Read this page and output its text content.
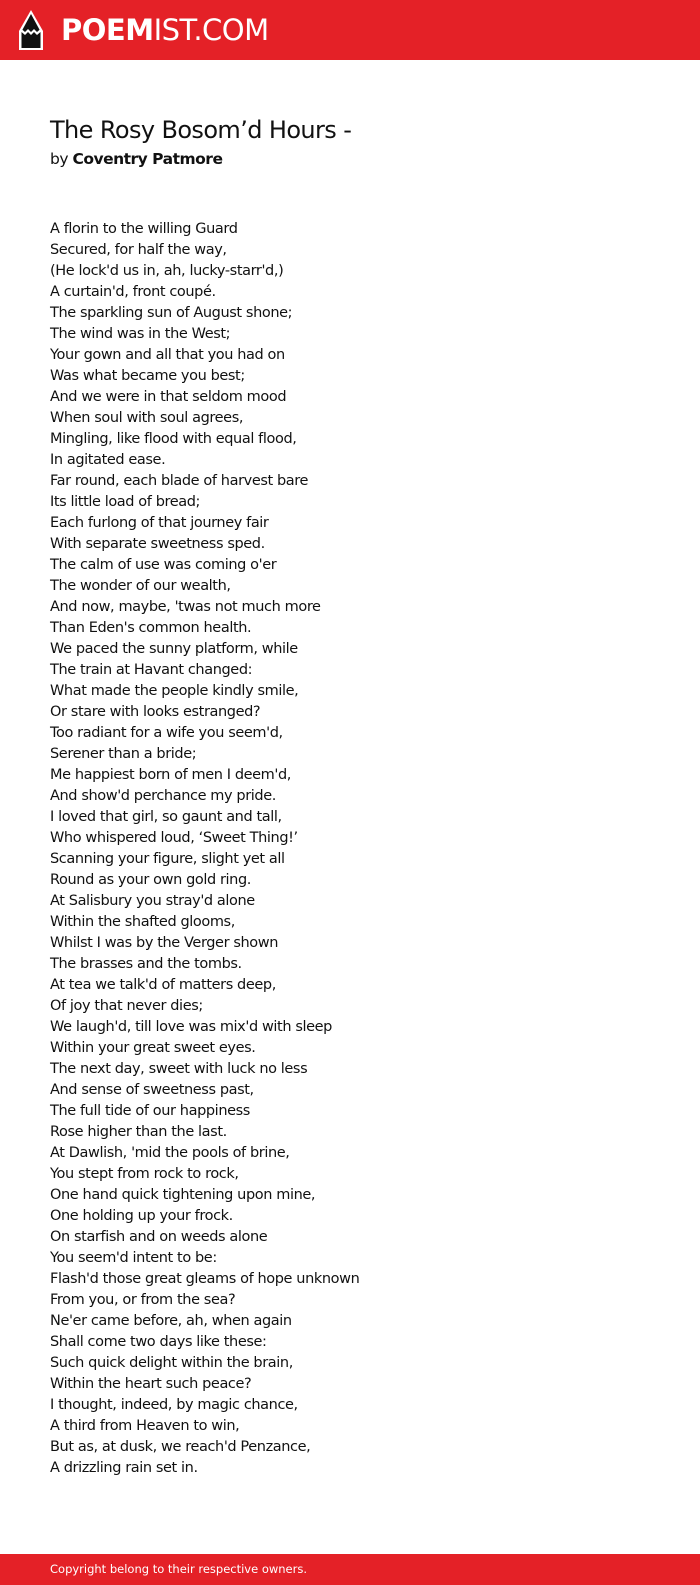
POEMIST.COM
The Rosy Bosom’d Hours -
by Coventry Patmore
A florin to the willing Guard
Secured, for half the way,
(He lock'd us in, ah, lucky-starr'd,)
A curtain'd, front coupé.
The sparkling sun of August shone;
The wind was in the West;
Your gown and all that you had on
Was what became you best;
And we were in that seldom mood
When soul with soul agrees,
Mingling, like flood with equal flood,
In agitated ease.
Far round, each blade of harvest bare
Its little load of bread;
Each furlong of that journey fair
With separate sweetness sped.
The calm of use was coming o'er
The wonder of our wealth,
And now, maybe, 'twas not much more
Than Eden's common health.
We paced the sunny platform, while
The train at Havant changed:
What made the people kindly smile,
Or stare with looks estranged?
Too radiant for a wife you seem'd,
Serener than a bride;
Me happiest born of men I deem'd,
And show'd perchance my pride.
I loved that girl, so gaunt and tall,
Who whispered loud, ‘Sweet Thing!’
Scanning your figure, slight yet all
Round as your own gold ring.
At Salisbury you stray'd alone
Within the shafted glooms,
Whilst I was by the Verger shown
The brasses and the tombs.
At tea we talk'd of matters deep,
Of joy that never dies;
We laugh'd, till love was mix'd with sleep
Within your great sweet eyes.
The next day, sweet with luck no less
And sense of sweetness past,
The full tide of our happiness
Rose higher than the last.
At Dawlish, 'mid the pools of brine,
You stept from rock to rock,
One hand quick tightening upon mine,
One holding up your frock.
On starfish and on weeds alone
You seem'd intent to be:
Flash'd those great gleams of hope unknown
From you, or from the sea?
Ne'er came before, ah, when again
Shall come two days like these:
Such quick delight within the brain,
Within the heart such peace?
I thought, indeed, by magic chance,
A third from Heaven to win,
But as, at dusk, we reach'd Penzance,
A drizzling rain set in.
Copyright belong to their respective owners.
